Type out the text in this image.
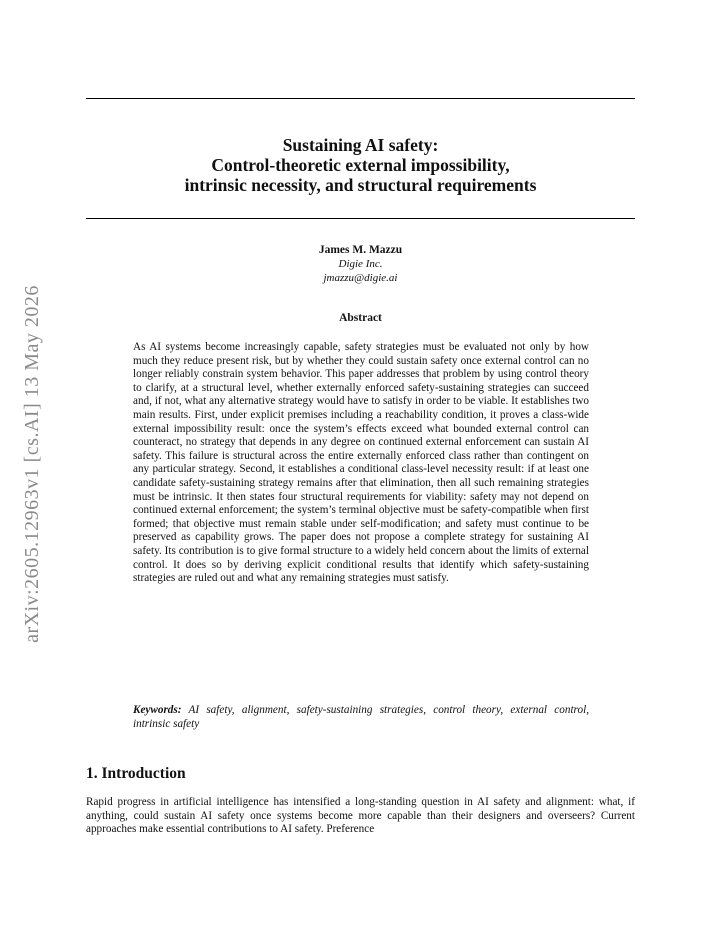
arXiv:2605.12963v1 [cs.AI] 13 May 2026
Sustaining AI safety:
Control-theoretic external impossibility,
intrinsic necessity, and structural requirements
James M. Mazzu
Digie Inc.
jmazzu@digie.ai
Abstract

As AI systems become increasingly capable, safety strategies must be evaluated not only by how much they reduce present risk, but by whether they could sustain safety once external control can no longer reliably constrain system behavior. This paper addresses that problem by using control theory to clarify, at a structural level, whether externally enforced safety-sustaining strategies can succeed and, if not, what any alternative strategy would have to satisfy in order to be viable. It establishes two main results. First, under explicit premises including a reachability condition, it proves a class-wide external impossibility result: once the system’s effects exceed what bounded external control can counteract, no strategy that depends in any degree on continued external enforcement can sustain AI safety. This failure is structural across the entire externally enforced class rather than contingent on any particular strategy. Second, it establishes a conditional class-level necessity result: if at least one candidate safety-sustaining strategy remains after that elimination, then all such remaining strategies must be intrinsic. It then states four structural requirements for viability: safety may not depend on continued external enforcement; the system’s terminal objective must be safety-compatible when first formed; that objective must remain stable under self-modification; and safety must continue to be preserved as capability grows. The paper does not propose a complete strategy for sustaining AI safety. Its contribution is to give formal structure to a widely held concern about the limits of external control. It does so by deriving explicit conditional results that identify which safety-sustaining strategies are ruled out and what any remaining strategies must satisfy.

Keywords: AI safety, alignment, safety-sustaining strategies, control theory, external control, intrinsic safety
1. Introduction

Rapid progress in artificial intelligence has intensified a long-standing question in AI safety and alignment: what, if anything, could sustain AI safety once systems become more capable than their designers and overseers? Current approaches make essential contributions to AI safety. Preference
